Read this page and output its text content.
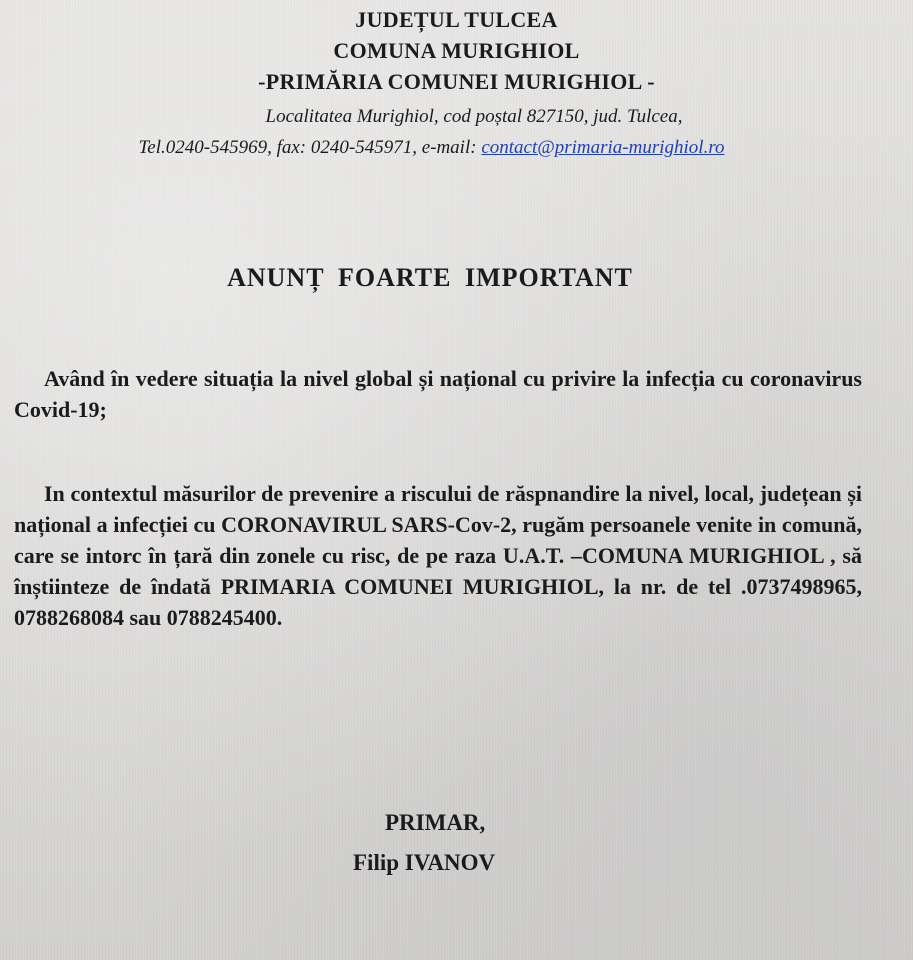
JUDEȚUL TULCEA
COMUNA MURIGHIOL
-PRIMĂRIA COMUNEI MURIGHIOL -
Localitatea Murighiol, cod poștal 827150, jud. Tulcea,
Tel.0240-545969, fax: 0240-545971, e-mail: contact@primaria-murighiol.ro
ANUNȚ FOARTE IMPORTANT
Având în vedere situația la nivel global și național cu privire la infecția cu coronavirus Covid-19;
In contextul măsurilor de prevenire a riscului de răspnandire la nivel, local, județean și național a infecției cu CORONAVIRUL SARS-Cov-2, rugăm persoanele venite in comună, care se intorc în țară din zonele cu risc, de pe raza U.A.T. –COMUNA MURIGHIOL , să înștiinteze de îndată PRIMARIA COMUNEI MURIGHIOL, la nr. de tel .0737498965, 0788268084 sau 0788245400.
PRIMAR,
Filip IVANOV
